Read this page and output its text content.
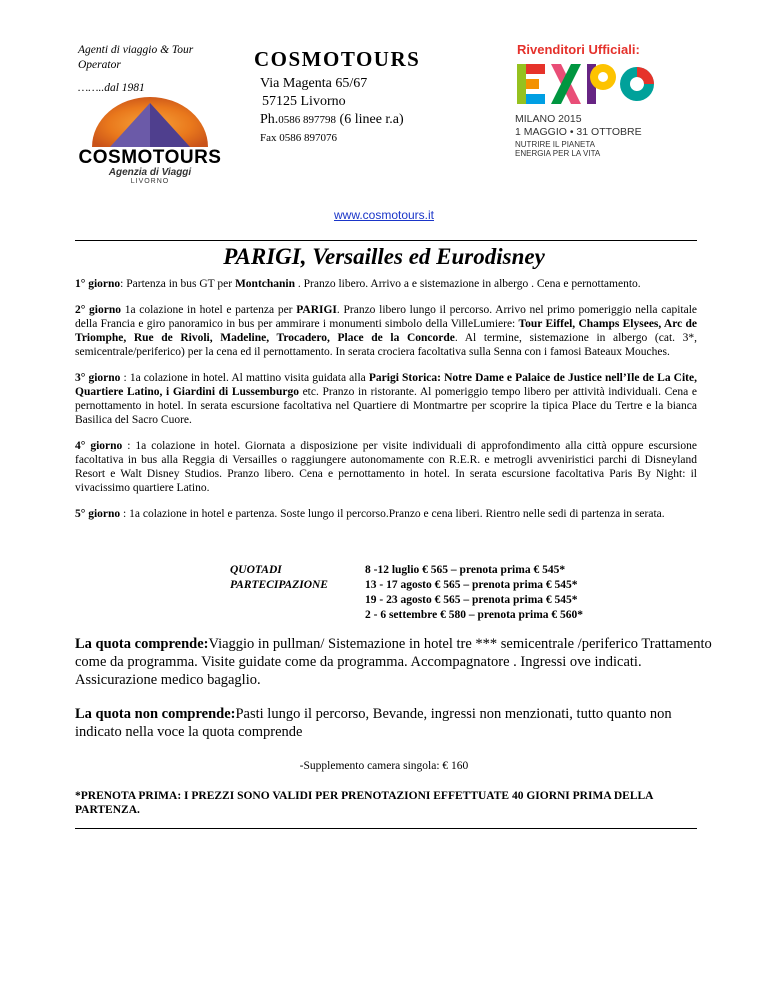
Agenti di viaggio & Tour Operator
……..dal 1981
COSMOTOURS
Agenzia di Viaggi
LIVORNO
COSMOTOURS
Via Magenta 65/67
57125 Livorno
Ph.0586 897798 (6 linee r.a)
Fax 0586 897076
Rivenditori Ufficiali:
MILANO 2015
1 MAGGIO • 31 OTTOBRE
NUTRIRE IL PIANETA
ENERGIA PER LA VITA
www.cosmotours.it
PARIGI, Versailles ed Eurodisney

1° giorno: Partenza in bus GT per Montchanin . Pranzo libero. Arrivo a e sistemazione in albergo . Cena e pernottamento.

2° giorno 1a colazione in hotel e partenza per PARIGI. Pranzo libero lungo il percorso. Arrivo nel primo pomeriggio nella capitale della Francia e giro panoramico in bus per ammirare i monumenti simbolo della VilleLumiere: Tour Eiffel, Champs Elysees, Arc de Triomphe, Rue de Rivoli, Madeline, Trocadero, Place de la Concorde. Al termine, sistemazione in albergo (cat. 3*, semicentrale/periferico) per la cena ed il pernottamento. In serata crociera facoltativa sulla Senna con i famosi Bateaux Mouches.

3° giorno : 1a colazione in hotel. Al mattino visita guidata alla Parigi Storica: Notre Dame e Palaice de Justice nell’Ile de La Cite, Quartiere Latino, i Giardini di Lussemburgo etc. Pranzo in ristorante. Al pomeriggio tempo libero per attività individuali. Cena e pernottamento in hotel. In serata escursione facoltativa nel Quartiere di Montmartre per scoprire la tipica Place du Tertre e la bianca Basilica del Sacro Cuore.

4° giorno : 1a colazione in hotel. Giornata a disposizione per visite individuali di approfondimento alla città oppure escursione facoltativa in bus alla Reggia di Versailles o raggiungere autonomamente con R.E.R. e metrogli avveniristici parchi di Disneyland Resort e Walt Disney Studios. Pranzo libero. Cena e pernottamento in hotel. In serata escursione facoltativa Paris By Night: il vivacissimo quartiere Latino.

5° giorno : 1a colazione in hotel e partenza. Soste lungo il percorso.Pranzo e cena liberi. Rientro nelle sedi di partenza in serata.

QUOTADI PARTECIPAZIONE
8 -12 luglio € 565 – prenota prima € 545*
13 - 17 agosto € 565 – prenota prima € 545*
19 - 23 agosto € 565 – prenota prima € 545*
2 - 6 settembre € 580 – prenota prima € 560*

La quota comprende:Viaggio in pullman/ Sistemazione in hotel tre *** semicentrale /periferico Trattamento come da programma. Visite guidate come da programma. Accompagnatore . Ingressi ove indicati. Assicurazione medico bagaglio.

La quota non comprende:Pasti lungo il percorso, Bevande, ingressi non menzionati, tutto quanto non indicato nella voce la quota comprende

-Supplemento camera singola: € 160
*PRENOTA PRIMA: I PREZZI SONO VALIDI PER PRENOTAZIONI EFFETTUATE 40 GIORNI PRIMA DELLA PARTENZA.
